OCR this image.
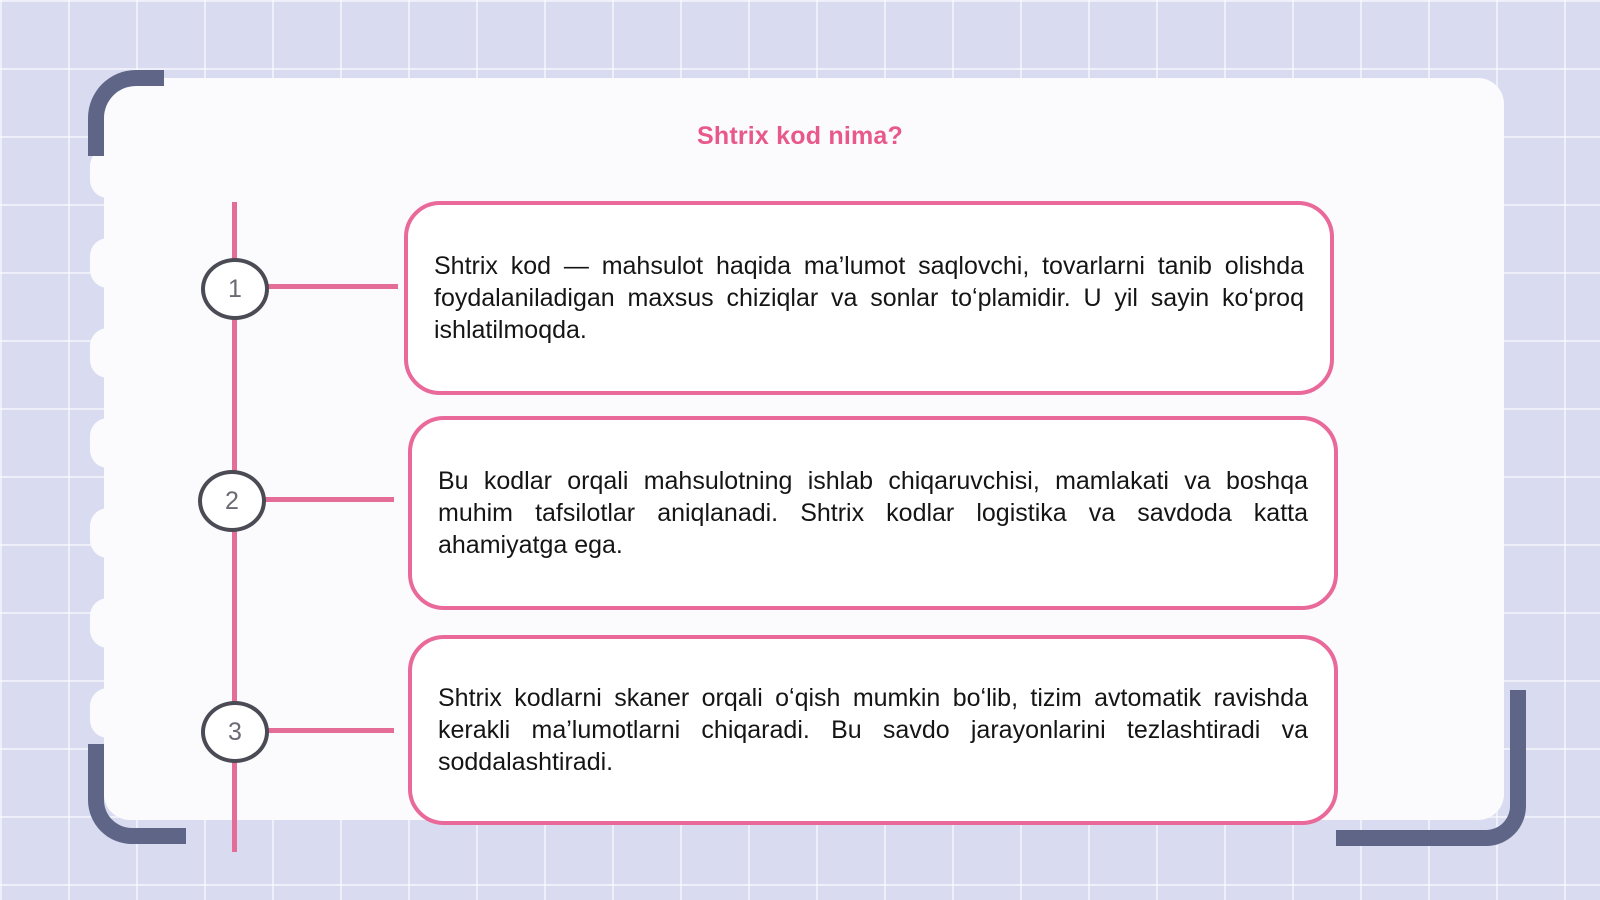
Shtrix kod nima?
1

Shtrix kod — mahsulot haqida ma’lumot saqlovchi, tovarlarni tanib olishda foydalaniladigan maxsus chiziqlar va sonlar toʻplamidir. U yil sayin koʻproq ishlatilmoqda.

2

Bu kodlar orqali mahsulotning ishlab chiqaruvchisi, mamlakati va boshqa muhim tafsilotlar aniqlanadi. Shtrix kodlar logistika va savdoda katta ahamiyatga ega.

3

Shtrix kodlarni skaner orqali oʻqish mumkin boʻlib, tizim avtomatik ravishda kerakli ma’lumotlarni chiqaradi. Bu savdo jarayonlarini tezlashtiradi va soddalashtiradi.
